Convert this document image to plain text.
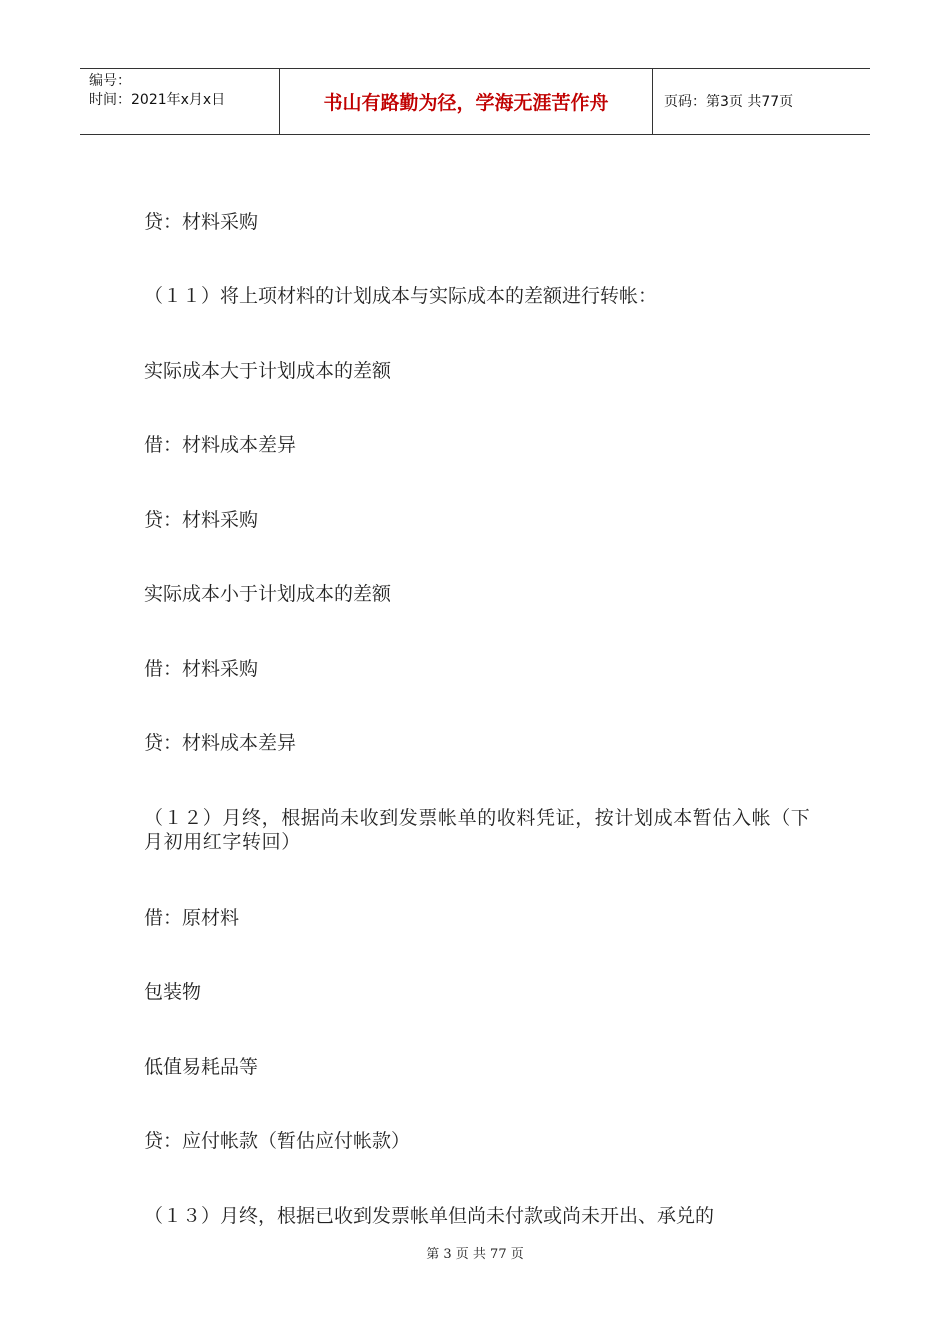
编号：
时间：2021年x月x日	书山有路勤为径，学海无涯苦作舟	页码：第3页 共77页
贷：材料采购
（１１）将上项材料的计划成本与实际成本的差额进行转帐：
实际成本大于计划成本的差额
借：材料成本差异
贷：材料采购
实际成本小于计划成本的差额
借：材料采购
贷：材料成本差异
（１２）月终，根据尚未收到发票帐单的收料凭证，按计划成本暂估入帐（下月初用红字转回）
借：原材料
包装物
低值易耗品等
贷：应付帐款（暂估应付帐款）
（１３）月终，根据已收到发票帐单但尚未付款或尚未开出、承兑的
第 3 页 共 77 页
